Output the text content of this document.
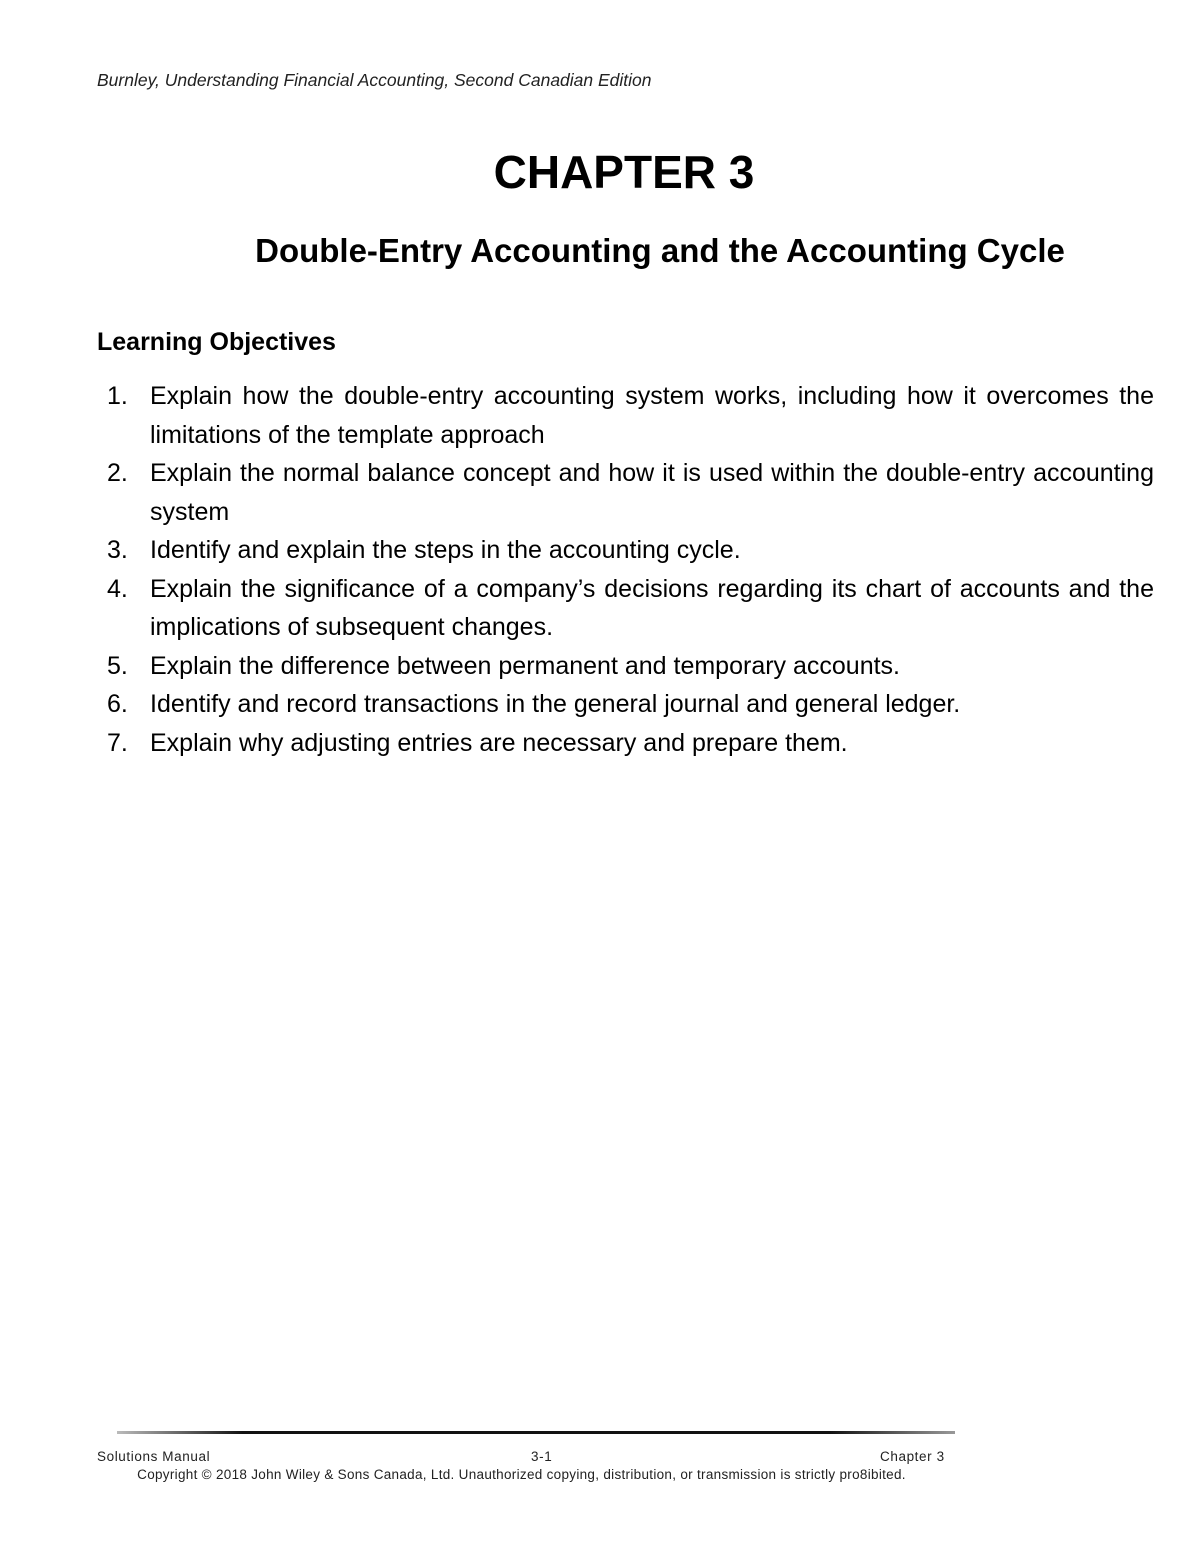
Burnley, Understanding Financial Accounting, Second Canadian Edition
CHAPTER 3
Double-Entry Accounting and the Accounting Cycle
Learning Objectives
1. Explain how the double-entry accounting system works, including how it overcomes the limitations of the template approach
2. Explain the normal balance concept and how it is used within the double-entry accounting system
3. Identify and explain the steps in the accounting cycle.
4. Explain the significance of a company’s decisions regarding its chart of accounts and the implications of subsequent changes.
5. Explain the difference between permanent and temporary accounts.
6. Identify and record transactions in the general journal and general ledger.
7. Explain why adjusting entries are necessary and prepare them.
Solutions Manual	3-1	Chapter 3
Copyright © 2018 John Wiley & Sons Canada, Ltd. Unauthorized copying, distribution, or transmission is strictly pro8ibited.
